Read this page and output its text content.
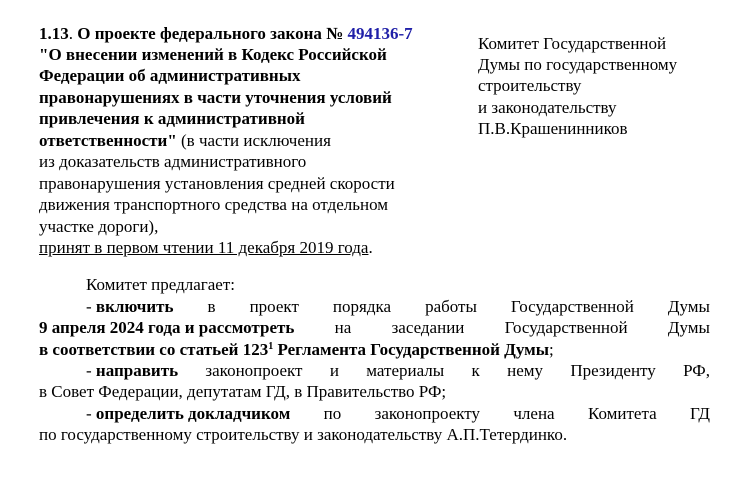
1.13. О проекте федерального закона № 494136-7
"О внесении изменений в Кодекс Российской
Федерации об административных
правонарушениях в части уточнения условий
привлечения к административной
ответственности" (в части исключения
из доказательств административного
правонарушения установления средней скорости
движения транспортного средства на отдельном
участке дороги),
принят в первом чтении 11 декабря 2019 года.
Комитет Государственной
Думы по государственному
строительству
и законодательству
П.В.Крашенинников
Комитет предлагает:
- включить в проект порядка работы Государственной Думы
9 апреля 2024 года и рассмотреть на заседании Государственной Думы
в соответствии со статьей $123^1$ Регламента Государственной Думы;
- направить законопроект и материалы к нему Президенту РФ,
в Совет Федерации, депутатам ГД, в Правительство РФ;
- определить докладчиком по законопроекту члена Комитета ГД
по государственному строительству и законодательству А.П.Тетердинко.
